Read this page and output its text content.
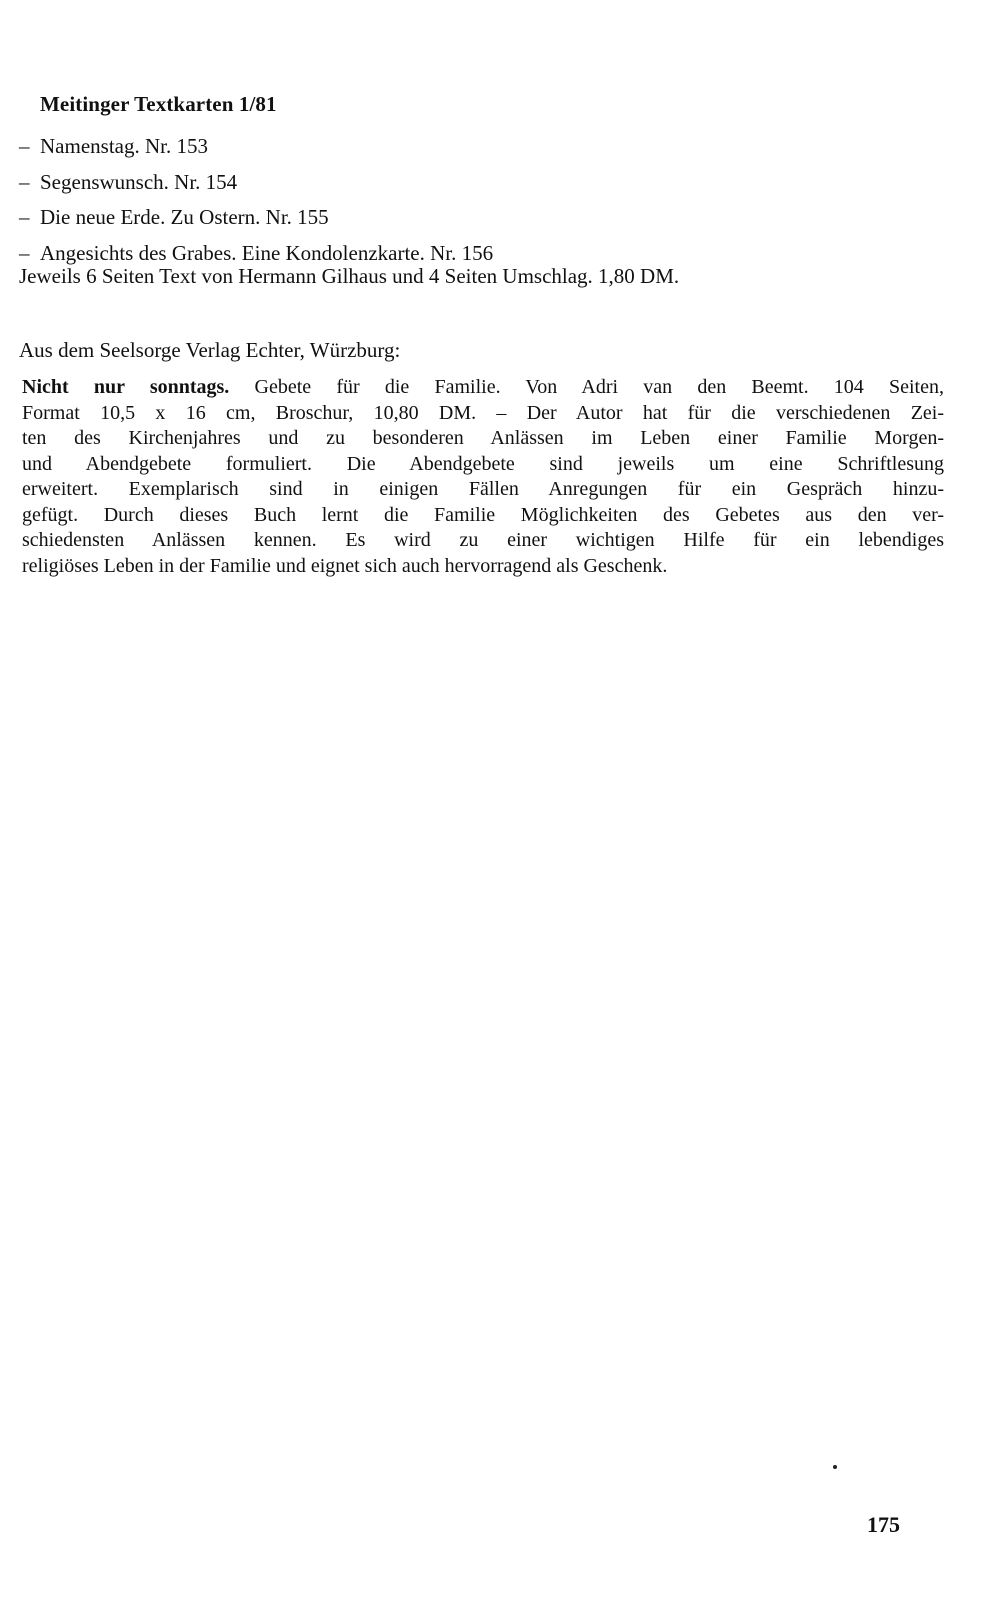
Meitinger Textkarten 1/81
– Namenstag. Nr. 153
– Segenswunsch. Nr. 154
– Die neue Erde. Zu Ostern. Nr. 155
– Angesichts des Grabes. Eine Kondolenzkarte. Nr. 156
Jeweils 6 Seiten Text von Hermann Gilhaus und 4 Seiten Umschlag. 1,80 DM.
Aus dem Seelsorge Verlag Echter, Würzburg:
Nicht nur sonntags. Gebete für die Familie. Von Adri van den Beemt. 104 Seiten,
Format 10,5 x 16 cm, Broschur, 10,80 DM. – Der Autor hat für die verschiedenen Zei-
ten des Kirchenjahres und zu besonderen Anlässen im Leben einer Familie Morgen-
und Abendgebete formuliert. Die Abendgebete sind jeweils um eine Schriftlesung
erweitert. Exemplarisch sind in einigen Fällen Anregungen für ein Gespräch hinzu-
gefügt. Durch dieses Buch lernt die Familie Möglichkeiten des Gebetes aus den ver-
schiedensten Anlässen kennen. Es wird zu einer wichtigen Hilfe für ein lebendiges
religiöses Leben in der Familie und eignet sich auch hervorragend als Geschenk.
175
